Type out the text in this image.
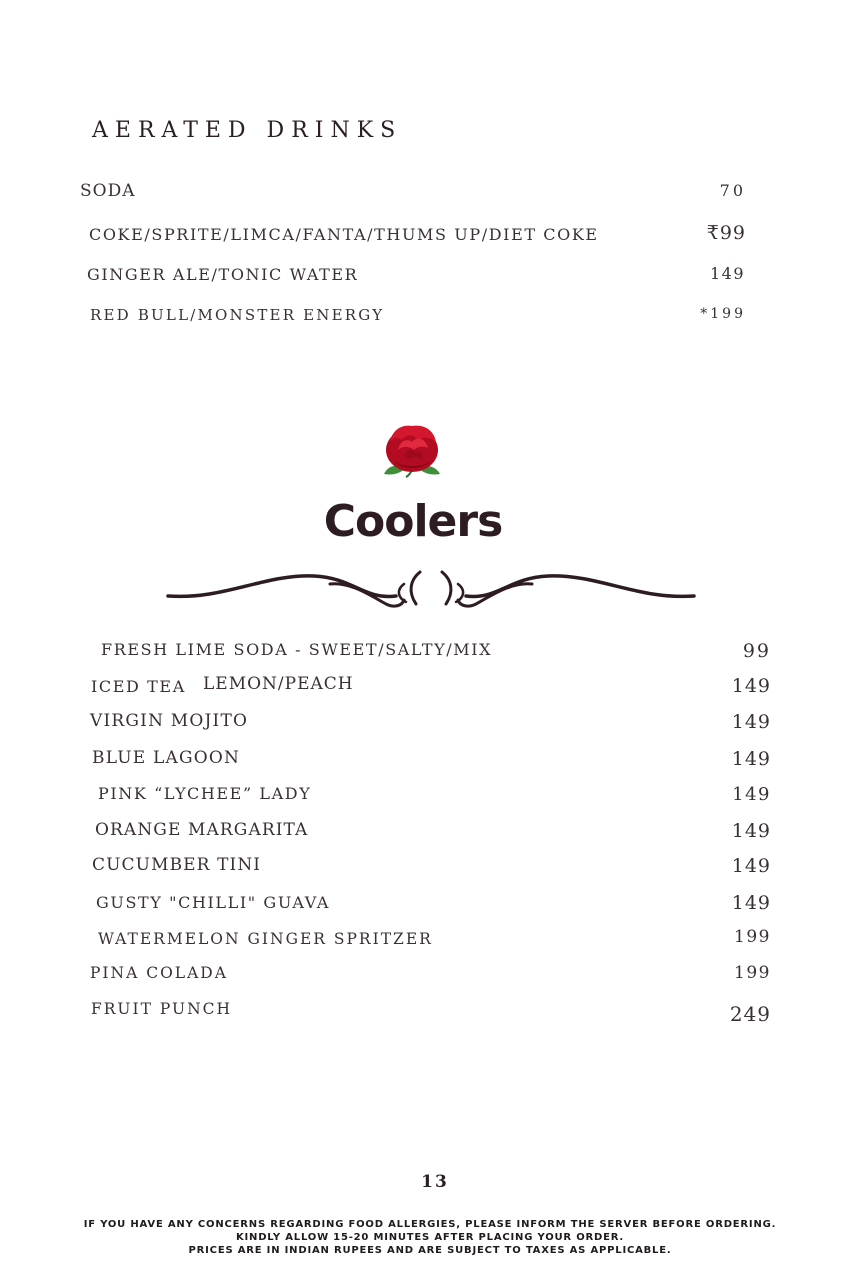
AERATED DRINKS
SODA	70
COKE/SPRITE/LIMCA/FANTA/THUMS UP/DIET COKE	₹99
GINGER ALE/TONIC WATER	149
RED BULL/MONSTER ENERGY	*199
Coolers
FRESH LIME SODA - SWEET/SALTY/MIX	99
ICED TEA LEMON/PEACH	149
VIRGIN MOJITO	149
BLUE LAGOON	149
PINK “LYCHEE” LADY	149
ORANGE MARGARITA	149
CUCUMBER TINI	149
GUSTY "CHILLI" GUAVA	149
WATERMELON GINGER SPRITZER	199
PINA COLADA	199
FRUIT PUNCH	249
13
IF YOU HAVE ANY CONCERNS REGARDING FOOD ALLERGIES, PLEASE INFORM THE SERVER BEFORE ORDERING.
KINDLY ALLOW 15-20 MINUTES AFTER PLACING YOUR ORDER.
PRICES ARE IN INDIAN RUPEES AND ARE SUBJECT TO TAXES AS APPLICABLE.
